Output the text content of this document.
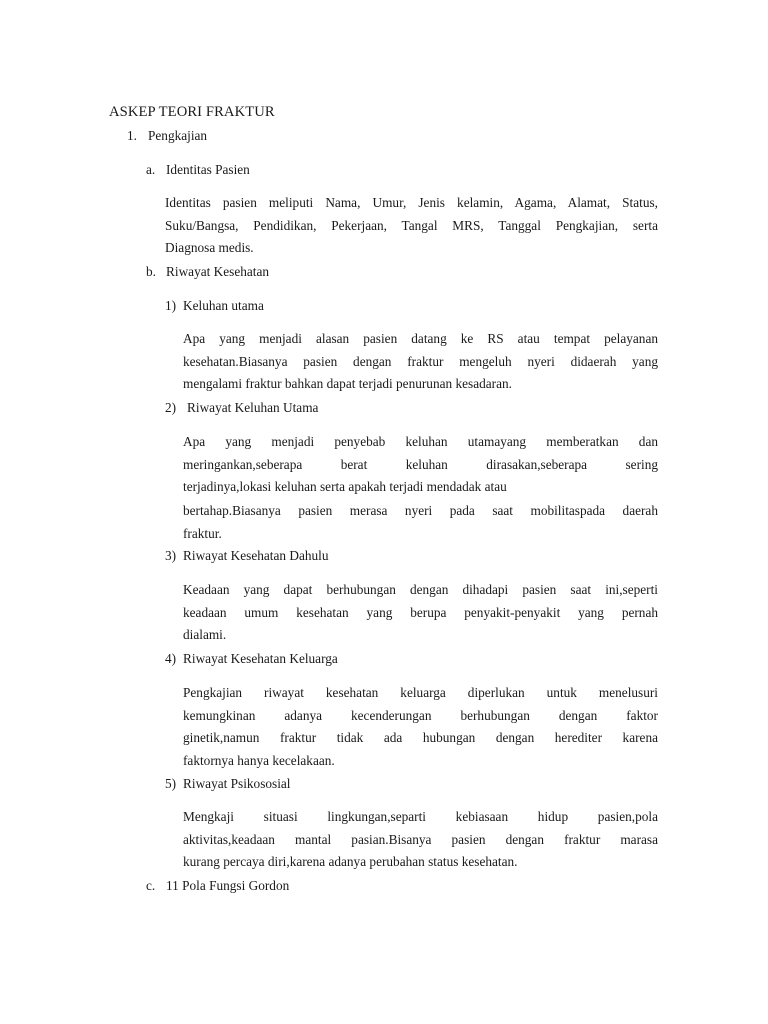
ASKEP TEORI FRAKTUR
1. Pengkajian
a. Identitas Pasien
Identitas pasien meliputi Nama, Umur, Jenis kelamin, Agama, Alamat, Status,
Suku/Bangsa, Pendidikan, Pekerjaan, Tangal MRS, Tanggal Pengkajian, serta
Diagnosa medis.
b. Riwayat Kesehatan
1) Keluhan utama
Apa yang menjadi alasan pasien datang ke RS atau tempat pelayanan
kesehatan.Biasanya pasien dengan fraktur mengeluh nyeri didaerah yang
mengalami fraktur bahkan dapat terjadi penurunan kesadaran.
2) Riwayat Keluhan Utama
Apa yang menjadi penyebab keluhan utamayang memberatkan dan
meringankan,seberapa berat keluhan dirasakan,seberapa sering
terjadinya,lokasi keluhan serta apakah terjadi mendadak atau
bertahap.Biasanya pasien merasa nyeri pada saat mobilitaspada daerah
fraktur.
3) Riwayat Kesehatan Dahulu
Keadaan yang dapat berhubungan dengan dihadapi pasien saat ini,seperti
keadaan umum kesehatan yang berupa penyakit-penyakit yang pernah
dialami.
4) Riwayat Kesehatan Keluarga
Pengkajian riwayat kesehatan keluarga diperlukan untuk menelusuri
kemungkinan adanya kecenderungan berhubungan dengan faktor
ginetik,namun fraktur tidak ada hubungan dengan herediter karena
faktornya hanya kecelakaan.
5) Riwayat Psikososial
Mengkaji situasi lingkungan,separti kebiasaan hidup pasien,pola
aktivitas,keadaan mantal pasian.Bisanya pasien dengan fraktur marasa
kurang percaya diri,karena adanya perubahan status kesehatan.
c. 11 Pola Fungsi Gordon
